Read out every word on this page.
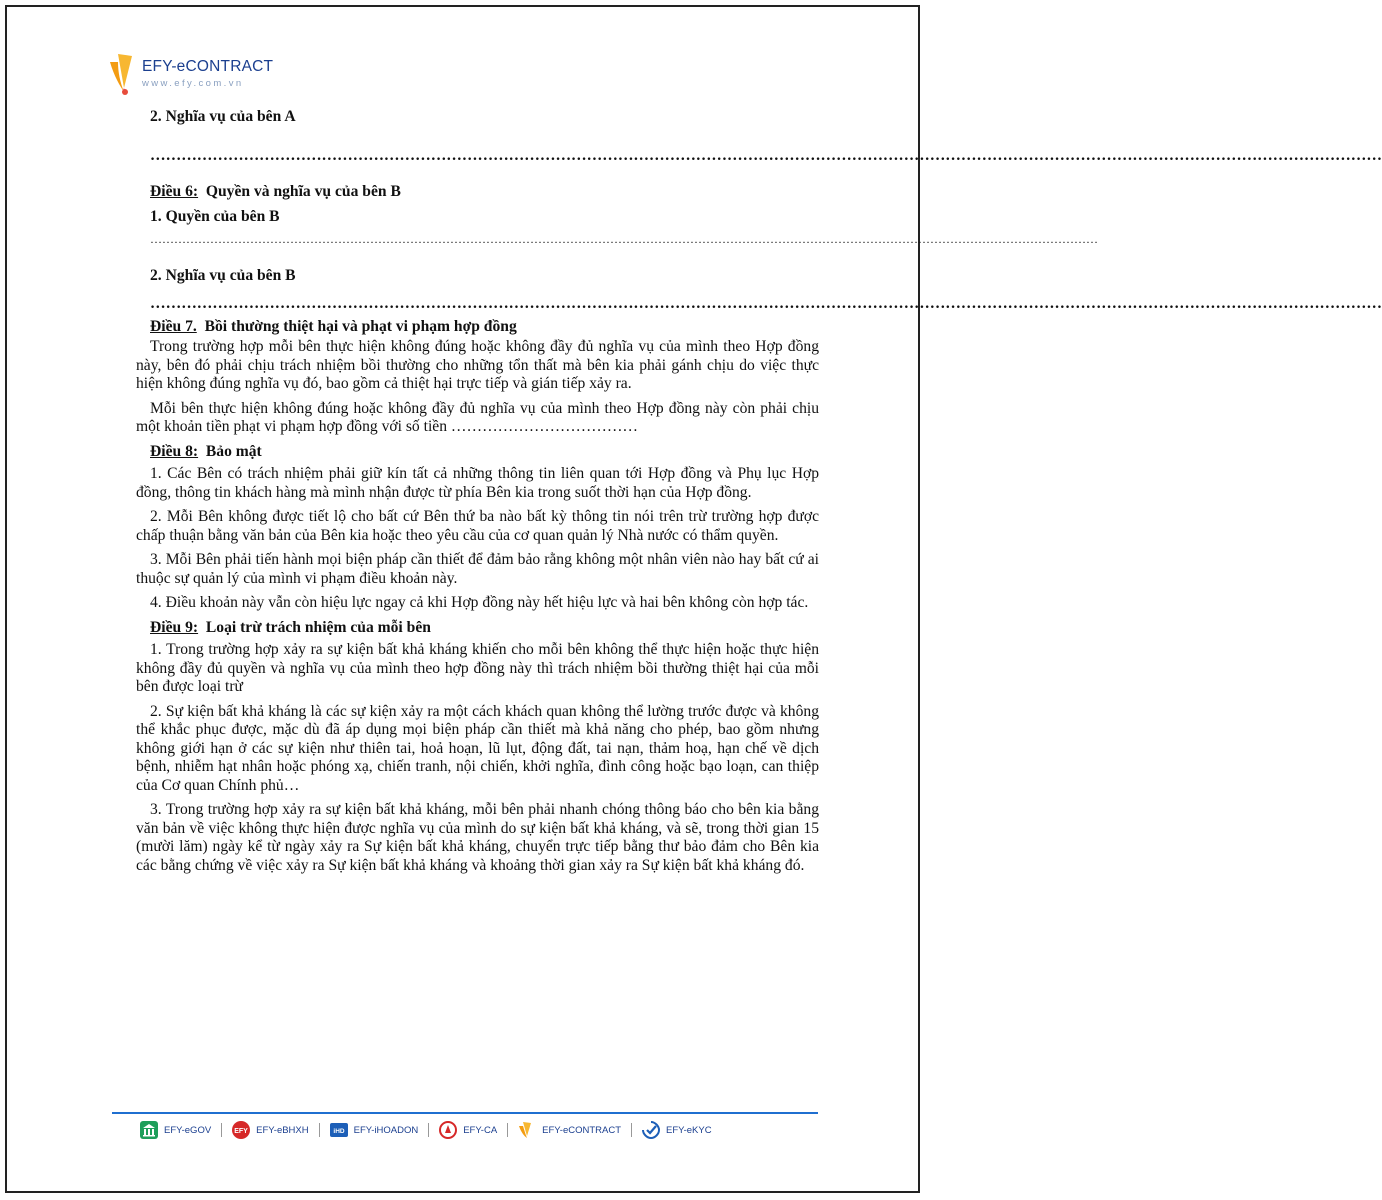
EFY-eCONTRACT
www.efy.com.vn

2. Nghĩa vụ của bên A

…………………………………………………………………………………………………………………………………………………………………………………………………………………

Điều 6: Quyền và nghĩa vụ của bên B

1. Quyền của bên B

…………………………………………………………………………………………………………………………………………………………………………………………………………………

2. Nghĩa vụ của bên B

…………………………………………………………………………………………………………………………………………………………………………………………………………………

Điều 7. Bồi thường thiệt hại và phạt vi phạm hợp đồng

Trong trường hợp mỗi bên thực hiện không đúng hoặc không đầy đủ nghĩa vụ của mình theo Hợp đồng này, bên đó phải chịu trách nhiệm bồi thường cho những tổn thất mà bên kia phải gánh chịu do việc thực hiện không đúng nghĩa vụ đó, bao gồm cả thiệt hại trực tiếp và gián tiếp xảy ra.

Mỗi bên thực hiện không đúng hoặc không đầy đủ nghĩa vụ của mình theo Hợp đồng này còn phải chịu một khoản tiền phạt vi phạm hợp đồng với số tiền ………………………………

Điều 8: Bảo mật

1. Các Bên có trách nhiệm phải giữ kín tất cả những thông tin liên quan tới Hợp đồng và Phụ lục Hợp đồng, thông tin khách hàng mà mình nhận được từ phía Bên kia trong suốt thời hạn của Hợp đồng.

2. Mỗi Bên không được tiết lộ cho bất cứ Bên thứ ba nào bất kỳ thông tin nói trên trừ trường hợp được chấp thuận bằng văn bản của Bên kia hoặc theo yêu cầu của cơ quan quản lý Nhà nước có thẩm quyền.

3. Mỗi Bên phải tiến hành mọi biện pháp cần thiết để đảm bảo rằng không một nhân viên nào hay bất cứ ai thuộc sự quản lý của mình vi phạm điều khoản này.

4. Điều khoản này vẫn còn hiệu lực ngay cả khi Hợp đồng này hết hiệu lực và hai bên không còn hợp tác.

Điều 9: Loại trừ trách nhiệm của mỗi bên

1. Trong trường hợp xảy ra sự kiện bất khả kháng khiến cho mỗi bên không thể thực hiện hoặc thực hiện không đầy đủ quyền và nghĩa vụ của mình theo hợp đồng này thì trách nhiệm bồi thường thiệt hại của mỗi bên được loại trừ

2. Sự kiện bất khả kháng là các sự kiện xảy ra một cách khách quan không thể lường trước được và không thể khắc phục được, mặc dù đã áp dụng mọi biện pháp cần thiết mà khả năng cho phép, bao gồm nhưng không giới hạn ở các sự kiện như thiên tai, hoả hoạn, lũ lụt, động đất, tai nạn, thảm hoạ, hạn chế về dịch bệnh, nhiễm hạt nhân hoặc phóng xạ, chiến tranh, nội chiến, khởi nghĩa, đình công hoặc bạo loạn, can thiệp của Cơ quan Chính phủ…

3. Trong trường hợp xảy ra sự kiện bất khả kháng, mỗi bên phải nhanh chóng thông báo cho bên kia bằng văn bản về việc không thực hiện được nghĩa vụ của mình do sự kiện bất khả kháng, và sẽ, trong thời gian 15 (mười lăm) ngày kể từ ngày xảy ra Sự kiện bất khả kháng, chuyển trực tiếp bằng thư bảo đảm cho Bên kia các bằng chứng về việc xảy ra Sự kiện bất khả kháng và khoảng thời gian xảy ra Sự kiện bất khả kháng đó.

EFY-eGOV	EFY EFY-eBHXH	iHD EFY-iHOADON	EFY-CA	EFY-eCONTRACT	EFY-eKYC
